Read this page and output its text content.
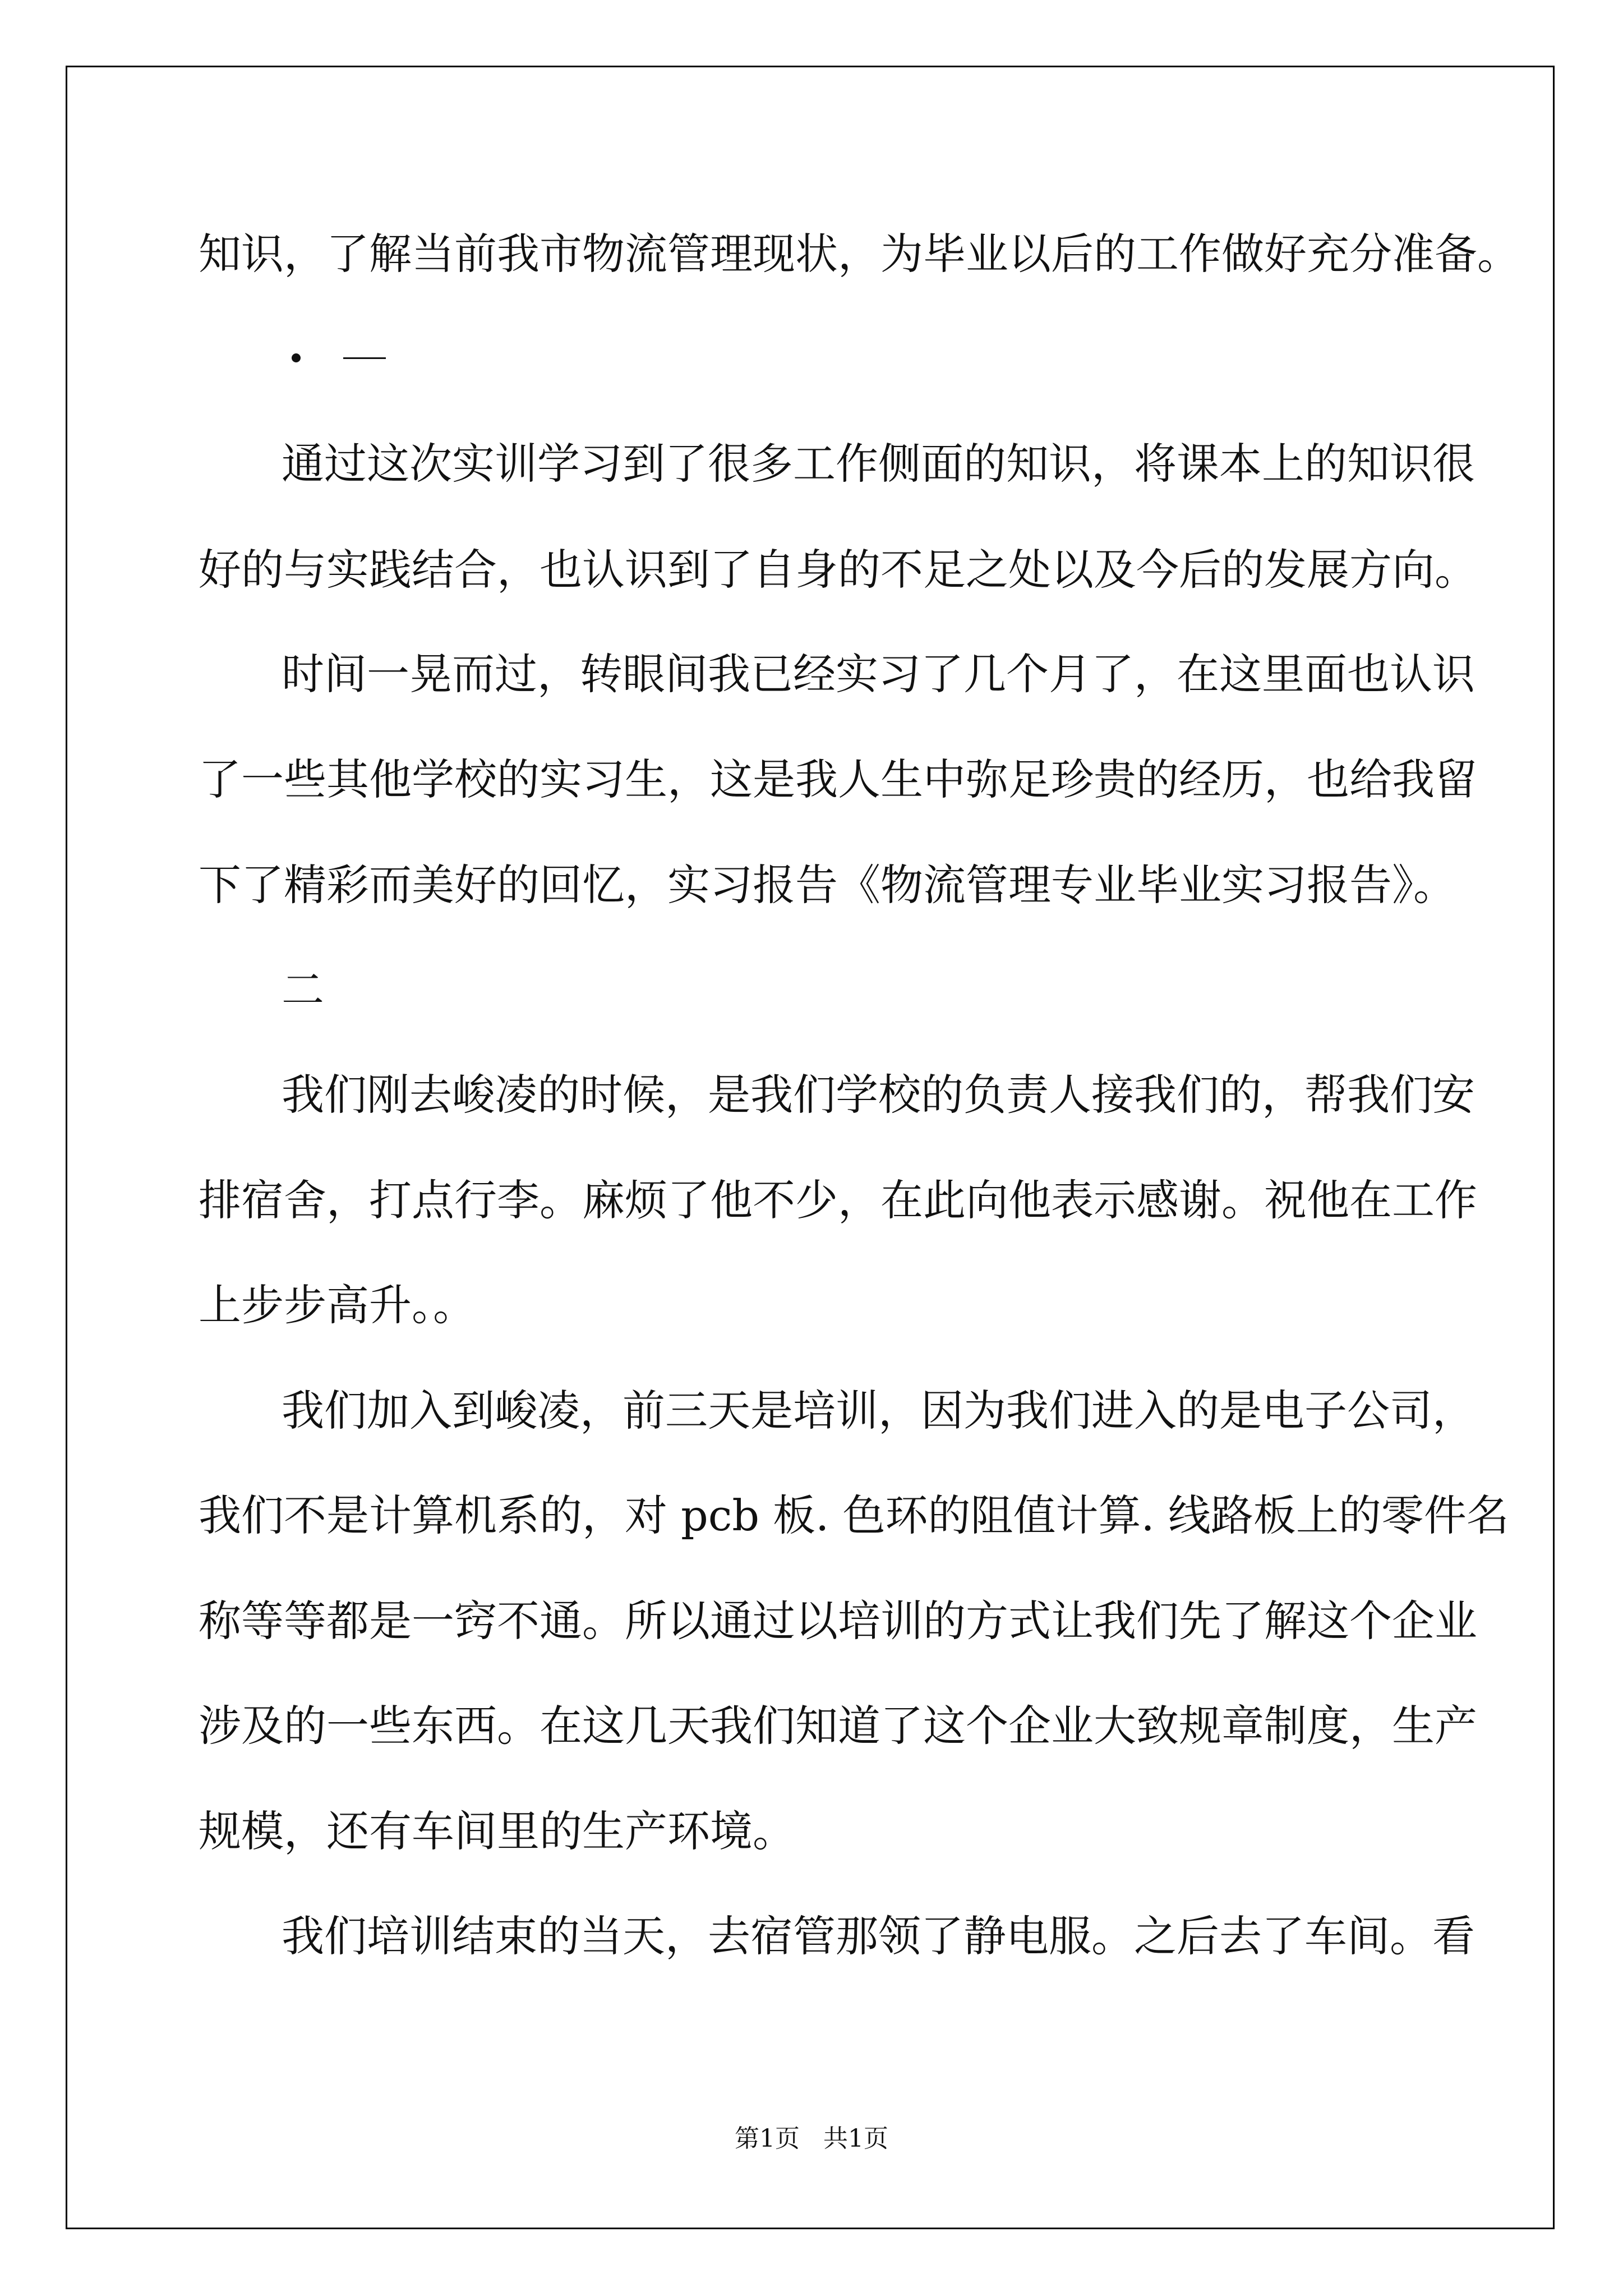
知识，了解当前我市物流管理现状，为毕业以后的工作做好充分准备。

通过这次实训学习到了很多工作侧面的知识，将课本上的知识很

好的与实践结合，也认识到了自身的不足之处以及今后的发展方向。

时间一晃而过，转眼间我已经实习了几个月了，在这里面也认识

了一些其他学校的实习生，这是我人生中弥足珍贵的经历，也给我留

下了精彩而美好的回忆，实习报告《物流管理专业毕业实习报告》。

二

我们刚去峻凌的时候，是我们学校的负责人接我们的，帮我们安

排宿舍，打点行李。麻烦了他不少，在此向他表示感谢。祝他在工作

上步步高升。。

我们加入到峻凌，前三天是培训，因为我们进入的是电子公司，

我们不是计算机系的，对 pcb 板. 色环的阻值计算. 线路板上的零件名

称等等都是一窍不通。所以通过以培训的方式让我们先了解这个企业

涉及的一些东西。在这几天我们知道了这个企业大致规章制度，生产

规模，还有车间里的生产环境。

我们培训结束的当天，去宿管那领了静电服。之后去了车间。看

第1页 共1页
